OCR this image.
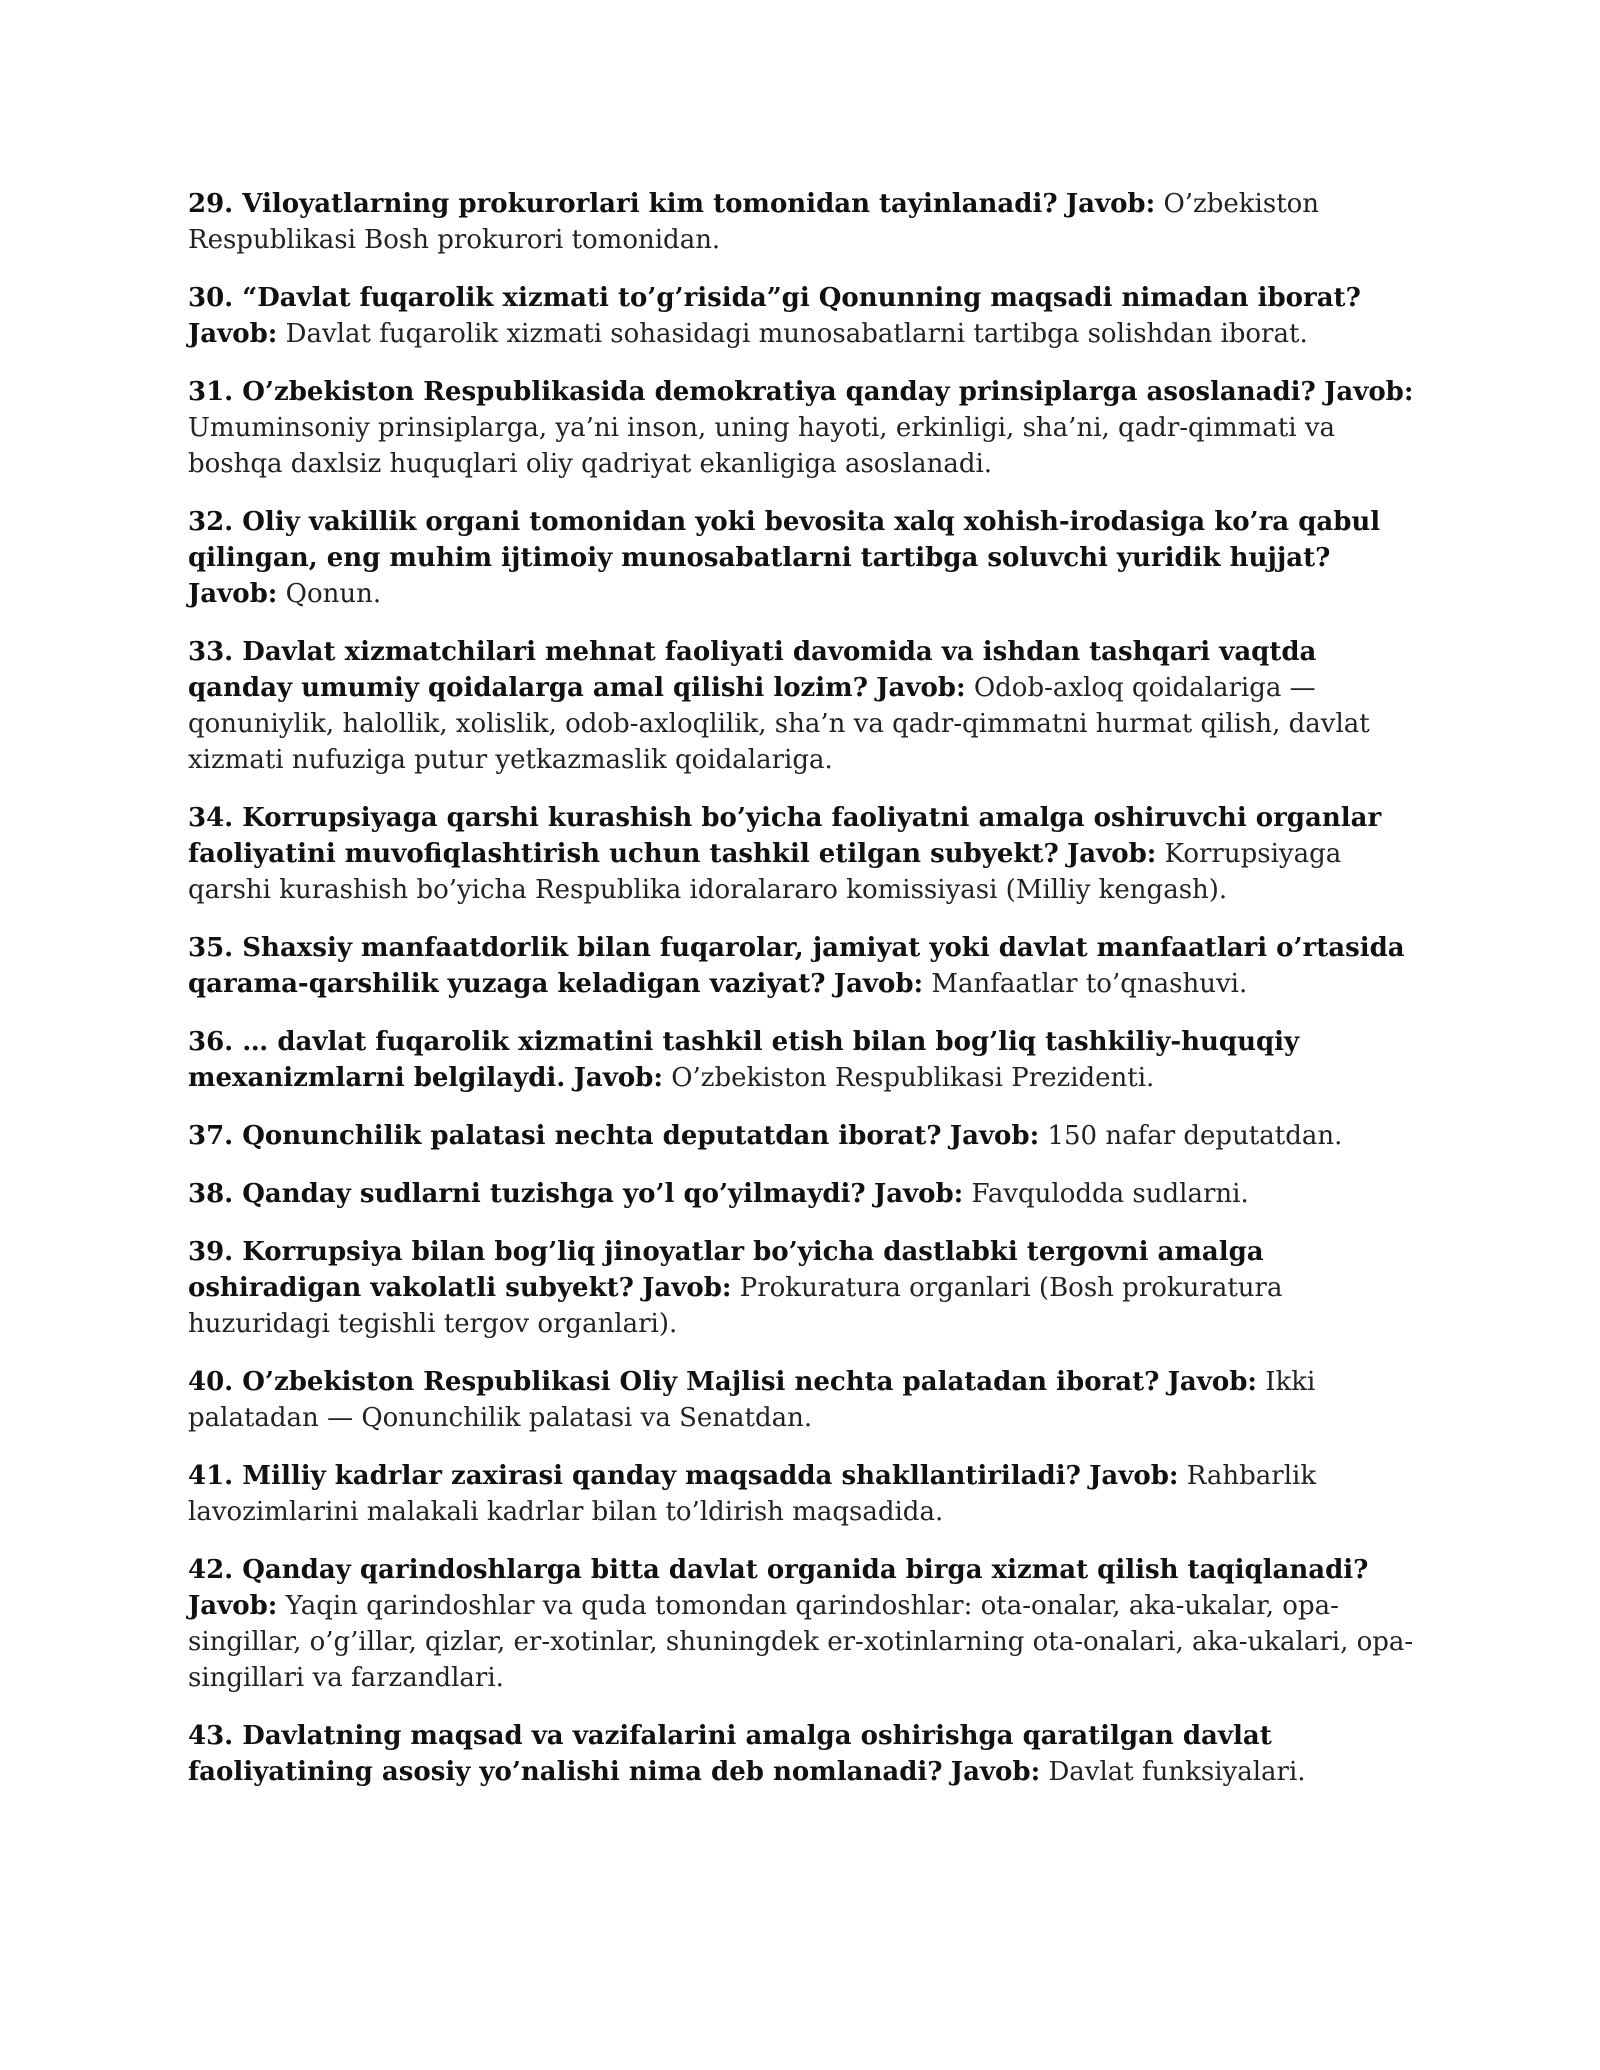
29. Viloyatlarning prokurorlari kim tomonidan tayinlanadi? Javob: O’zbekiston Respublikasi Bosh prokurori tomonidan.

30. “Davlat fuqarolik xizmati to’g’risida”gi Qonunning maqsadi nimadan iborat? Javob: Davlat fuqarolik xizmati sohasidagi munosabatlarni tartibga solishdan iborat.

31. O’zbekiston Respublikasida demokratiya qanday prinsiplarga asoslanadi? Javob: Umuminsoniy prinsiplarga, ya’ni inson, uning hayoti, erkinligi, sha’ni, qadr-qimmati va boshqa daxlsiz huquqlari oliy qadriyat ekanligiga asoslanadi.

32. Oliy vakillik organi tomonidan yoki bevosita xalq xohish-irodasiga ko’ra qabul qilingan, eng muhim ijtimoiy munosabatlarni tartibga soluvchi yuridik hujjat? Javob: Qonun.

33. Davlat xizmatchilari mehnat faoliyati davomida va ishdan tashqari vaqtda qanday umumiy qoidalarga amal qilishi lozim? Javob: Odob-axloq qoidalariga — qonuniylik, halollik, xolislik, odob-axloqlilik, sha’n va qadr-qimmatni hurmat qilish, davlat xizmati nufuziga putur yetkazmaslik qoidalariga.

34. Korrupsiyaga qarshi kurashish bo’yicha faoliyatni amalga oshiruvchi organlar faoliyatini muvofiqlashtirish uchun tashkil etilgan subyekt? Javob: Korrupsiyaga qarshi kurashish bo’yicha Respublika idoralararo komissiyasi (Milliy kengash).

35. Shaxsiy manfaatdorlik bilan fuqarolar, jamiyat yoki davlat manfaatlari o’rtasida qarama-qarshilik yuzaga keladigan vaziyat? Javob: Manfaatlar to’qnashuvi.

36. … davlat fuqarolik xizmatini tashkil etish bilan bog’liq tashkiliy-huquqiy mexanizmlarni belgilaydi. Javob: O’zbekiston Respublikasi Prezidenti.

37. Qonunchilik palatasi nechta deputatdan iborat? Javob: 150 nafar deputatdan.

38. Qanday sudlarni tuzishga yo’l qo’yilmaydi? Javob: Favqulodda sudlarni.

39. Korrupsiya bilan bog’liq jinoyatlar bo’yicha dastlabki tergovni amalga oshiradigan vakolatli subyekt? Javob: Prokuratura organlari (Bosh prokuratura huzuridagi tegishli tergov organlari).

40. O’zbekiston Respublikasi Oliy Majlisi nechta palatadan iborat? Javob: Ikki palatadan — Qonunchilik palatasi va Senatdan.

41. Milliy kadrlar zaxirasi qanday maqsadda shakllantiriladi? Javob: Rahbarlik lavozimlarini malakali kadrlar bilan to’ldirish maqsadida.

42. Qanday qarindoshlarga bitta davlat organida birga xizmat qilish taqiqlanadi? Javob: Yaqin qarindoshlar va quda tomondan qarindoshlar: ota-onalar, aka-ukalar, opa-singillar, o’g’illar, qizlar, er-xotinlar, shuningdek er-xotinlarning ota-onalari, aka-ukalari, opa-singillari va farzandlari.

43. Davlatning maqsad va vazifalarini amalga oshirishga qaratilgan davlat faoliyatining asosiy yo’nalishi nima deb nomlanadi? Javob: Davlat funksiyalari.
